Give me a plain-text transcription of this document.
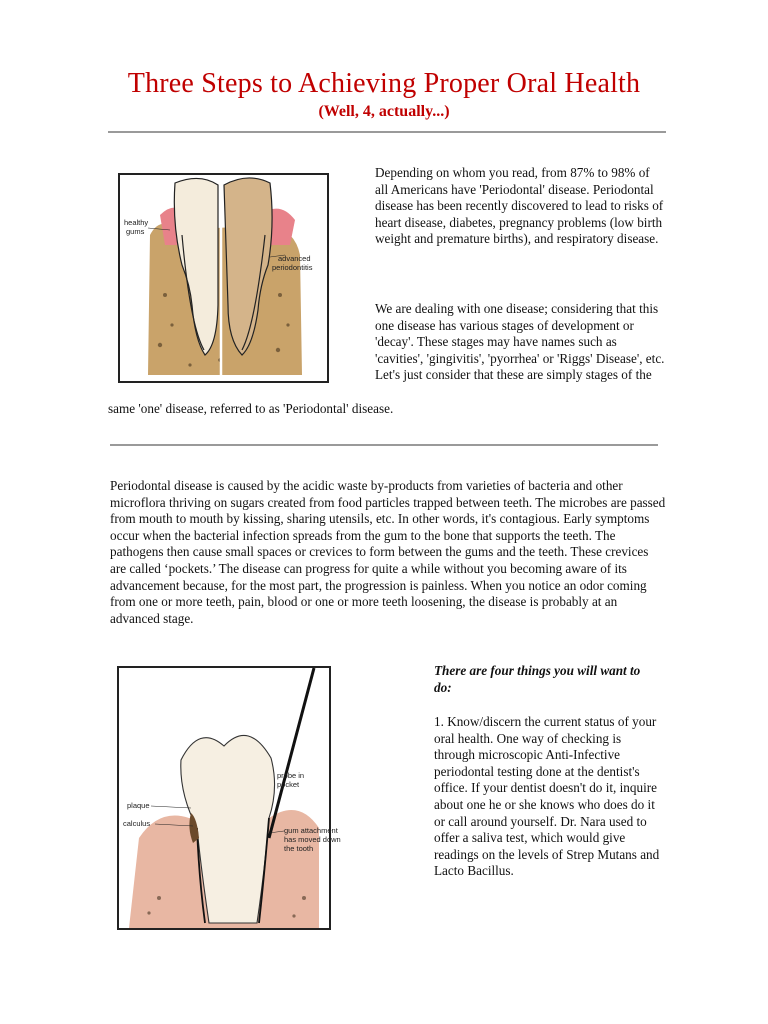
Three Steps to Achieving Proper Oral Health
(Well, 4, actually...)
healthy
gums
advanced
periodontitis
Depending on whom you read, from 87% to 98% of all Americans have 'Periodontal' disease. Periodontal disease has been recently discovered to lead to risks of heart disease, diabetes, pregnancy problems (low birth weight and premature births), and respiratory disease.
We are dealing with one disease; considering that this one disease has various stages of development or 'decay'. These stages may have names such as 'cavities', 'gingivitis', 'pyorrhea' or 'Riggs' Disease', etc. Let's just consider that these are simply stages of the
same 'one' disease, referred to as 'Periodontal' disease.
Periodontal disease is caused by the acidic waste by-products from varieties of bacteria and other microflora thriving on sugars created from food particles trapped between teeth. The microbes are passed from mouth to mouth by kissing, sharing utensils, etc. In other words, it's contagious. Early symptoms occur when the bacterial infection spreads from the gum to the bone that supports the teeth. The pathogens then cause small spaces or crevices to form between the gums and the teeth. These crevices are called ‘pockets.’ The disease can progress for quite a while without you becoming aware of its advancement because, for the most part, the progression is painless. When you notice an odor coming from one or more teeth, pain, blood or one or more teeth loosening, the disease is probably at an advanced stage.
probe in
pocket
plaque
calculus
gum attachment
has moved down
the tooth
There are four things you will want to do:
1. Know/discern the current status of your oral health. One way of checking is through microscopic Anti-Infective periodontal testing done at the dentist's office. If your dentist doesn't do it, inquire about one he or she knows who does do it or call around yourself. Dr. Nara used to offer a saliva test, which would give readings on the levels of Strep Mutans and Lacto Bacillus.
